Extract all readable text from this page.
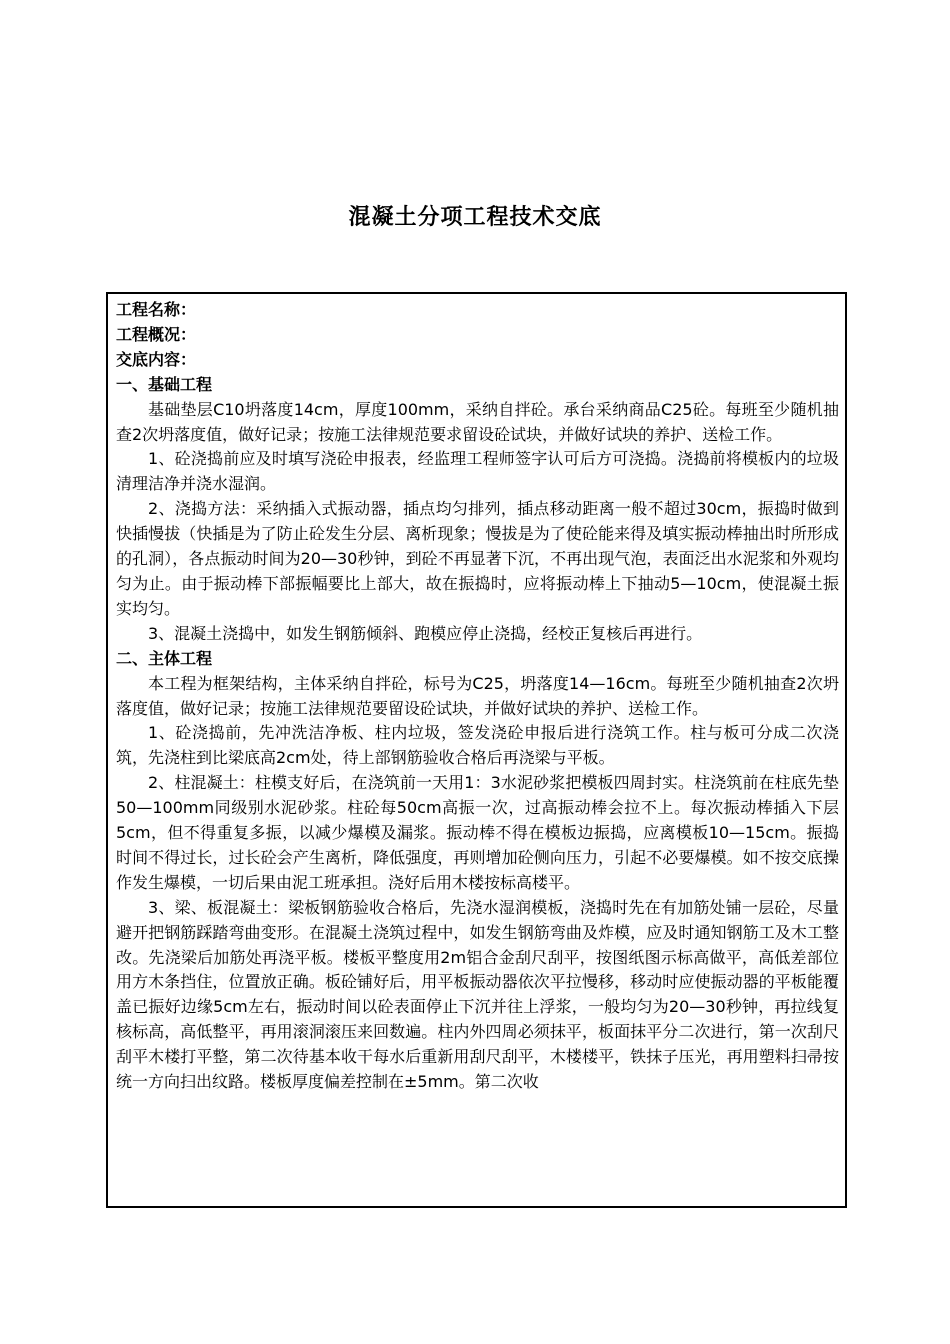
混凝土分项工程技术交底

工程名称：

工程概况：

交底内容：

一、基础工程

基础垫层C10坍落度14cm，厚度100mm，采纳自拌砼。承台采纳商品C25砼。每班至少随机抽查2次坍落度值，做好记录；按施工法律规范要求留设砼试块，并做好试块的养护、送检工作。

1、砼浇捣前应及时填写浇砼申报表，经监理工程师签字认可后方可浇捣。浇捣前将模板内的垃圾清理洁净并浇水湿润。

2、浇捣方法：采纳插入式振动器，插点均匀排列，插点移动距离一般不超过30cm，振捣时做到快插慢拔（快插是为了防止砼发生分层、离析现象；慢拔是为了使砼能来得及填实振动棒抽出时所形成的孔洞），各点振动时间为20—30秒钟，到砼不再显著下沉，不再出现气泡，表面泛出水泥浆和外观均匀为止。由于振动棒下部振幅要比上部大，故在振捣时，应将振动棒上下抽动5—10cm，使混凝土振实均匀。

3、混凝土浇捣中，如发生钢筋倾斜、跑模应停止浇捣，经校正复核后再进行。

二、主体工程

本工程为框架结构，主体采纳自拌砼，标号为C25，坍落度14—16cm。每班至少随机抽查2次坍落度值，做好记录；按施工法律规范要留设砼试块，并做好试块的养护、送检工作。

1、砼浇捣前，先冲洗洁净板、柱内垃圾，签发浇砼申报后进行浇筑工作。柱与板可分成二次浇筑，先浇柱到比梁底高2cm处，待上部钢筋验收合格后再浇梁与平板。

2、柱混凝土：柱模支好后，在浇筑前一天用1：3水泥砂浆把模板四周封实。柱浇筑前在柱底先垫50—100mm同级别水泥砂浆。柱砼每50cm高振一次，过高振动棒会拉不上。每次振动棒插入下层5cm，但不得重复多振，以减少爆模及漏浆。振动棒不得在模板边振捣，应离模板10—15cm。振捣时间不得过长，过长砼会产生离析，降低强度，再则增加砼侧向压力，引起不必要爆模。如不按交底操作发生爆模，一切后果由泥工班承担。浇好后用木楼按标高楼平。

3、梁、板混凝土：梁板钢筋验收合格后，先浇水湿润模板，浇捣时先在有加筋处铺一层砼，尽量避开把钢筋踩踏弯曲变形。在混凝土浇筑过程中，如发生钢筋弯曲及炸模，应及时通知钢筋工及木工整改。先浇梁后加筋处再浇平板。楼板平整度用2m铝合金刮尺刮平，按图纸图示标高做平，高低差部位用方木条挡住，位置放正确。板砼铺好后，用平板振动器依次平拉慢移，移动时应使振动器的平板能覆盖已振好边缘5cm左右，振动时间以砼表面停止下沉并往上浮浆，一般均匀为20—30秒钟，再拉线复核标高，高低整平，再用滚洞滚压来回数遍。柱内外四周必须抹平，板面抹平分二次进行，第一次刮尺刮平木楼打平整，第二次待基本收干每水后重新用刮尺刮平，木楼楼平，铁抹子压光，再用塑料扫帚按统一方向扫出纹路。楼板厚度偏差控制在±5mm。第二次收
